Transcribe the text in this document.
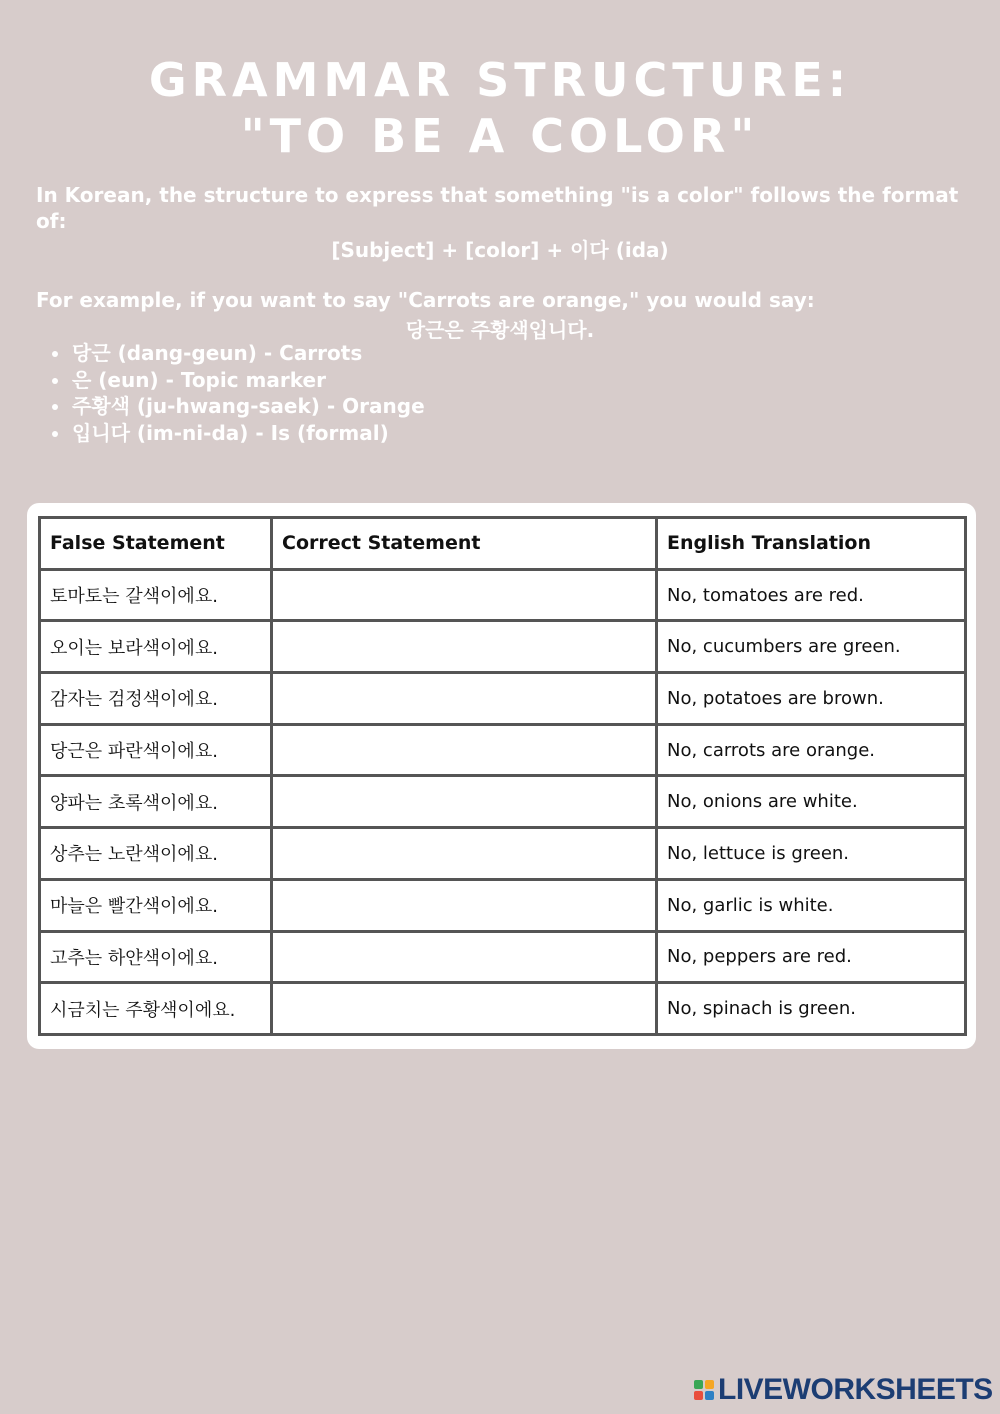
GRAMMAR STRUCTURE:
"TO BE A COLOR"
In Korean, the structure to express that something "is a color" follows the format of:
[Subject] + [color] + 이다 (ida)
For example, if you want to say "Carrots are orange," you would say:
당근은 주황색입니다.
당근 (dang-geun) - Carrots
은 (eun) - Topic marker
주황색 (ju-hwang-saek) - Orange
입니다 (im-ni-da) - Is (formal)
False Statement	Correct Statement	English Translation
토마토는 갈색이에요.		No, tomatoes are red.
오이는 보라색이에요.		No, cucumbers are green.
감자는 검정색이에요.		No, potatoes are brown.
당근은 파란색이에요.		No, carrots are orange.
양파는 초록색이에요.		No, onions are white.
상추는 노란색이에요.		No, lettuce is green.
마늘은 빨간색이에요.		No, garlic is white.
고추는 하얀색이에요.		No, peppers are red.
시금치는 주황색이에요.		No, spinach is green.
LIVEWORKSHEETS
